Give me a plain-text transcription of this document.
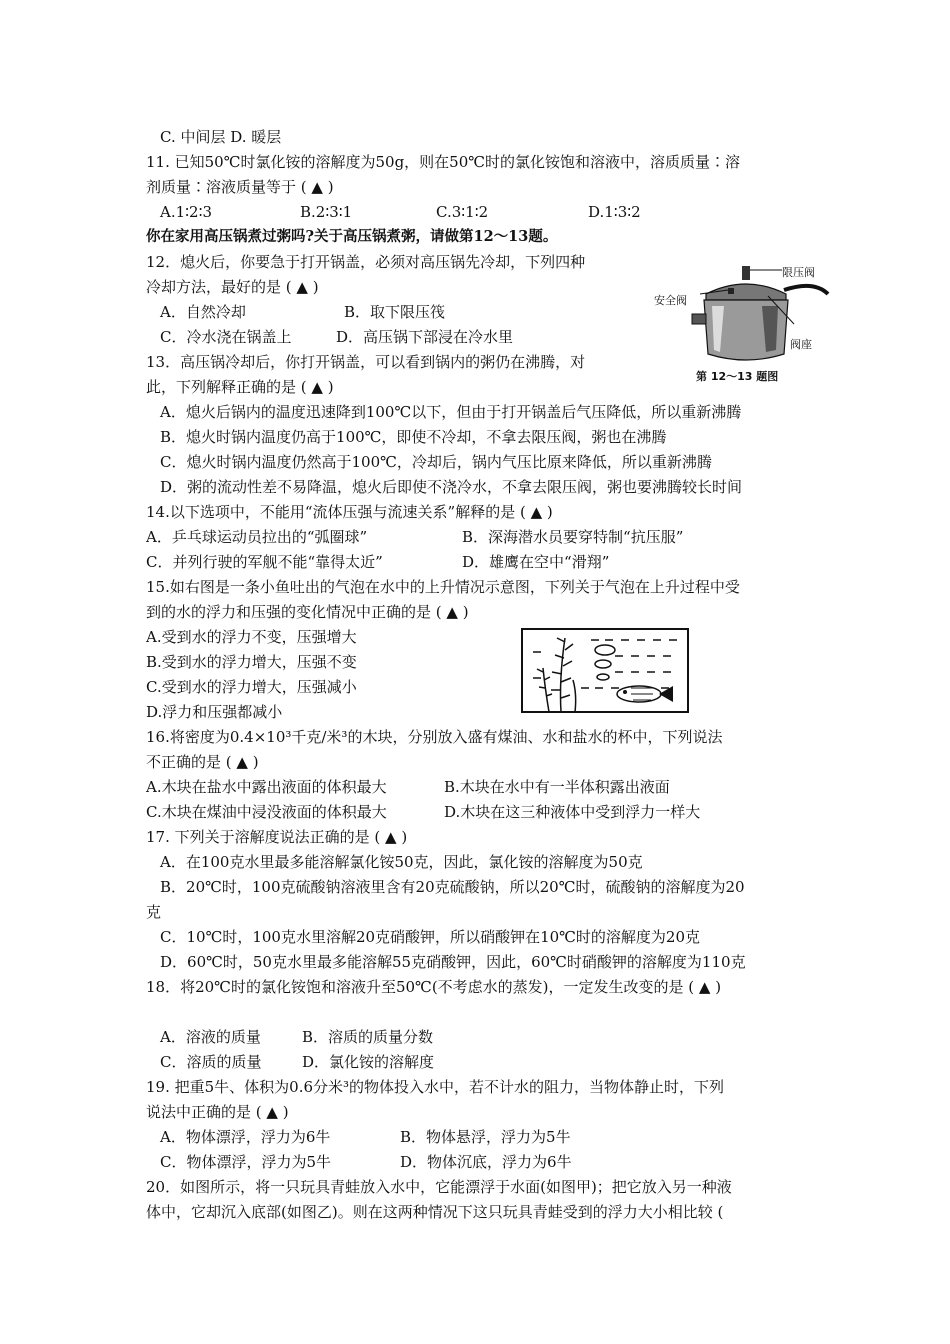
C. 中间层 D. 暖层
11. 已知50℃时氯化铵的溶解度为50g，则在50℃时的氯化铵饱和溶液中，溶质质量∶溶
剂质量∶溶液质量等于 ( ▲ )
A.1∶2∶3	B.2∶3∶1	C.3∶1∶2	D.1∶3∶2
你在家用高压锅煮过粥吗?关于高压锅煮粥，请做第12～13题。
12．熄火后，你要急于打开锅盖，必须对高压锅先冷却，下列四种
冷却方法，最好的是 ( ▲ )
A．自然冷却	B．取下限压筏
C．冷水浇在锅盖上	D．高压锅下部浸在冷水里
13．高压锅冷却后，你打开锅盖，可以看到锅内的粥仍在沸腾，对
此，下列解释正确的是 ( ▲ )
A．熄火后锅内的温度迅速降到100℃以下，但由于打开锅盖后气压降低，所以重新沸腾
B．熄火时锅内温度仍高于100℃，即使不冷却，不拿去限压阀，粥也在沸腾
C．熄火时锅内温度仍然高于100℃，冷却后，锅内气压比原来降低，所以重新沸腾
D．粥的流动性差不易降温，熄火后即使不浇冷水，不拿去限压阀，粥也要沸腾较长时间
14.以下选项中，不能用“流体压强与流速关系”解释的是 ( ▲ )
A．乒乓球运动员拉出的“弧圈球”	B．深海潜水员要穿特制“抗压服”
C．并列行驶的军舰不能“靠得太近”	D．雄鹰在空中“滑翔”
15.如右图是一条小鱼吐出的气泡在水中的上升情况示意图，下列关于气泡在上升过程中受
到的水的浮力和压强的变化情况中正确的是 ( ▲ )
A.受到水的浮力不变，压强增大
B.受到水的浮力增大，压强不变
C.受到水的浮力增大，压强减小
D.浮力和压强都减小
16.将密度为0.4×10³千克/米³的木块，分别放入盛有煤油、水和盐水的杯中，下列说法
不正确的是 ( ▲ )
A.木块在盐水中露出液面的体积最大	B.木块在水中有一半体积露出液面
C.木块在煤油中浸没液面的体积最大	D.木块在这三种液体中受到浮力一样大
17. 下列关于溶解度说法正确的是 ( ▲ )
A．在100克水里最多能溶解氯化铵50克，因此，氯化铵的溶解度为50克
B．20℃时，100克硫酸钠溶液里含有20克硫酸钠，所以20℃时，硫酸钠的溶解度为20
克
C．10℃时，100克水里溶解20克硝酸钾，所以硝酸钾在10℃时的溶解度为20克
D．60℃时，50克水里最多能溶解55克硝酸钾，因此，60℃时硝酸钾的溶解度为110克
18．将20℃时的氯化铵饱和溶液升至50℃(不考虑水的蒸发)，一定发生改变的是 ( ▲ )
A．溶液的质量	B．溶质的质量分数
C．溶质的质量	D．氯化铵的溶解度
19. 把重5牛、体积为0.6分米³的物体投入水中，若不计水的阻力，当物体静止时，下列
说法中正确的是 ( ▲ )
A．物体漂浮，浮力为6牛	B．物体悬浮，浮力为5牛
C．物体漂浮，浮力为5牛	D．物体沉底，浮力为6牛
20．如图所示，将一只玩具青蛙放入水中，它能漂浮于水面(如图甲)；把它放入另一种液
体中，它却沉入底部(如图乙)。则在这两种情况下这只玩具青蛙受到的浮力大小相比较 (
限压阀
安全阀
阀座
第 12～13 题图
